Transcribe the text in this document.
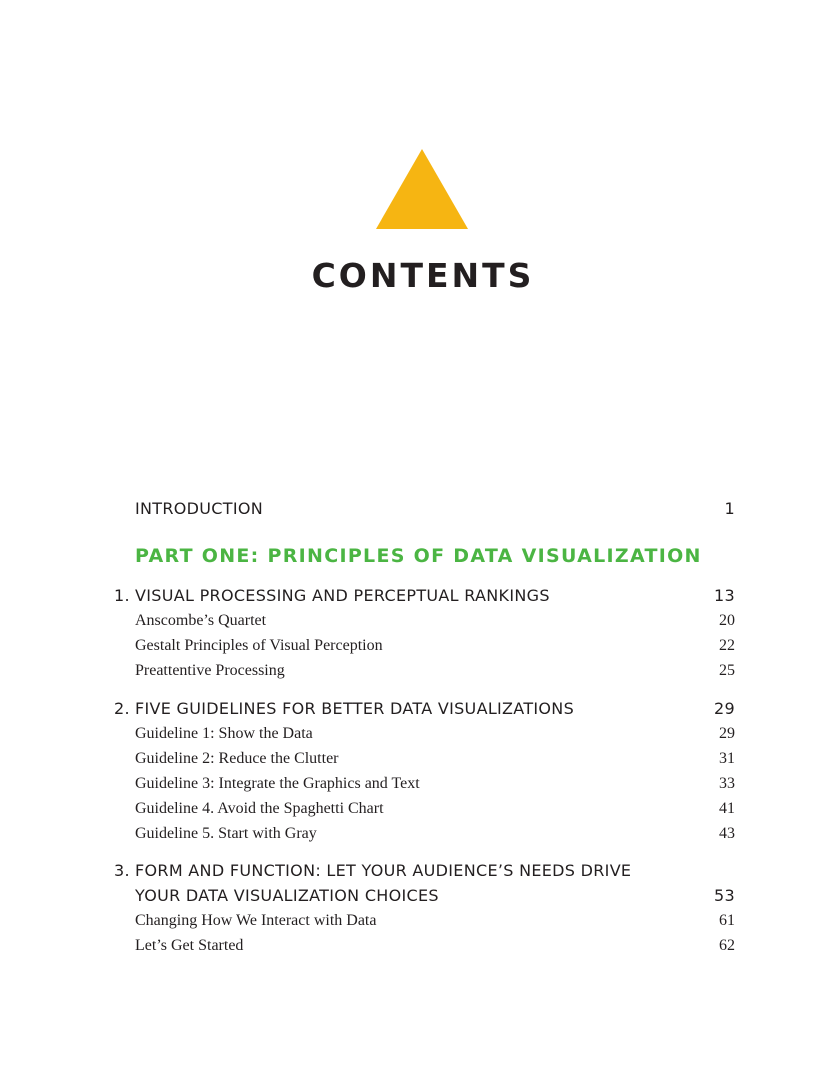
CONTENTS
INTRODUCTION	1
PART ONE: PRINCIPLES OF DATA VISUALIZATION
1. VISUAL PROCESSING AND PERCEPTUAL RANKINGS	13
Anscombe’s Quartet	20
Gestalt Principles of Visual Perception	22
Preattentive Processing	25
2. FIVE GUIDELINES FOR BETTER DATA VISUALIZATIONS	29
Guideline 1: Show the Data	29
Guideline 2: Reduce the Clutter	31
Guideline 3: Integrate the Graphics and Text	33
Guideline 4. Avoid the Spaghetti Chart	41
Guideline 5. Start with Gray	43
3. FORM AND FUNCTION: LET YOUR AUDIENCE’S NEEDS DRIVE
YOUR DATA VISUALIZATION CHOICES	53
Changing How We Interact with Data	61
Let’s Get Started	62
